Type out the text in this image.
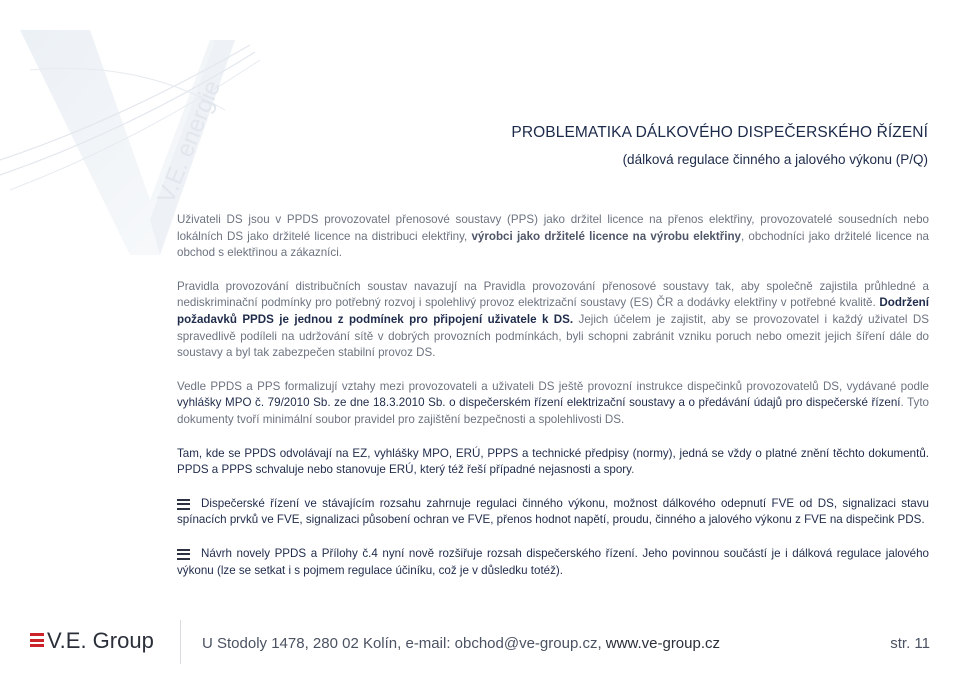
V.E. energie	PROBLEMATIKA DÁLKOVÉHO DISPEČERSKÉHO ŘÍZENÍ
(dálková regulace činného a jalového výkonu (P/Q)

Uživateli DS jsou v PPDS provozovatel přenosové soustavy (PPS) jako držitel licence na přenos elektřiny, provozovatelé sousedních nebo lokálních DS jako držitelé licence na distribuci elektřiny, výrobci jako držitelé licence na výrobu elektřiny, obchodníci jako držitelé licence na obchod s elektřinou a zákazníci.

Pravidla provozování distribučních soustav navazují na Pravidla provozování přenosové soustavy tak, aby společně zajistila průhledné a nediskriminační podmínky pro potřebný rozvoj i spolehlivý provoz elektrizační soustavy (ES) ČR a dodávky elektřiny v potřebné kvalitě. Dodržení požadavků PPDS je jednou z podmínek pro připojení uživatele k DS. Jejich účelem je zajistit, aby se provozovatel i každý uživatel DS spravedlivě podíleli na udržování sítě v dobrých provozních podmínkách, byli schopni zabránit vzniku poruch nebo omezit jejich šíření dále do soustavy a byl tak zabezpečen stabilní provoz DS.

Vedle PPDS a PPS formalizují vztahy mezi provozovateli a uživateli DS ještě provozní instrukce dispečinků provozovatelů DS, vydávané podle vyhlášky MPO č. 79/2010 Sb. ze dne 18.3.2010 Sb. o dispečerském řízení elektrizační soustavy a o předávání údajů pro dispečerské řízení. Tyto dokumenty tvoří minimální soubor pravidel pro zajištění bezpečnosti a spolehlivosti DS.

Tam, kde se PPDS odvolávají na EZ, vyhlášky MPO, ERÚ, PPPS a technické předpisy (normy), jedná se vždy o platné znění těchto dokumentů. PPDS a PPPS schvaluje nebo stanovuje ERÚ, který též řeší případné nejasnosti a spory.

Dispečerské řízení ve stávajícím rozsahu zahrnuje regulaci činného výkonu, možnost dálkového odepnutí FVE od DS, signalizaci stavu spínacích prvků ve FVE, signalizaci působení ochran ve FVE, přenos hodnot napětí, proudu, činného a jalového výkonu z FVE na dispečink PDS.
Návrh novely PPDS a Přílohy č.4 nyní nově rozšiřuje rozsah dispečerského řízení. Jeho povinnou součástí je i dálková regulace jalového výkonu (lze se setkat i s pojmem regulace účiníku, což je v důsledku totéž).
V.E. Group	U Stodoly 1478, 280 02 Kolín, e-mail: obchod@ve-group.cz, www.ve-group.cz	str. 11
